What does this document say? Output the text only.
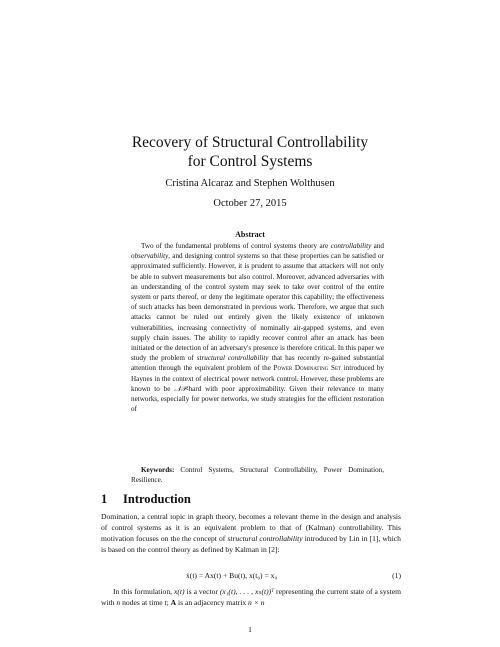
Recovery of Structural Controllability
for Control Systems
Cristina Alcaraz and Stephen Wolthusen
October 27, 2015
Abstract

Two of the fundamental problems of control systems theory are controllability and observability, and designing control systems so that these properties can be satisfied or approximated sufficiently. However, it is prudent to assume that attackers will not only be able to subvert measurements but also control. Moreover, advanced adversaries with an understanding of the control system may seek to take over control of the entire system or parts thereof, or deny the legitimate operator this capability; the effectiveness of such attacks has been demonstrated in previous work. Therefore, we argue that such attacks cannot be ruled out entirely given the likely existence of unknown vulnerabilities, increasing connectivity of nominally air-gapped systems, and even supply chain issues. The ability to rapidly recover control after an attack has been initiated or the detection of an adversary's presence is therefore critical. In this paper we study the problem of structural controllability that has recently re-gained substantial attention through the equivalent problem of the Power Dominating Set introduced by Haynes in the context of electrical power network control. However, these problems are known to be 𝒩𝒫-hard with poor approximability. Given their relevance to many networks, especially for power networks, we study strategies for the efficient restoration of

Keywords: Control Systems, Structural Controllability, Power Domination, Resilience.

1 Introduction

Domination, a central topic in graph theory, becomes a relevant theme in the design and analysis of control systems as it is an equivalent problem to that of (Kalman) controllability. This motivation focuses on the the concept of structural controllability introduced by Lin in [1], which is based on the control theory as defined by Kalman in [2]:

ẋ(t) = Ax(t) + Bu(t), x(t₀) = x₀	(1)

In this formulation, x(t) is a vector (x₁(t), . . . , xₙ(t))ᵀ representing the current state of a system with n nodes at time t; A is an adjacency matrix n × n

1
